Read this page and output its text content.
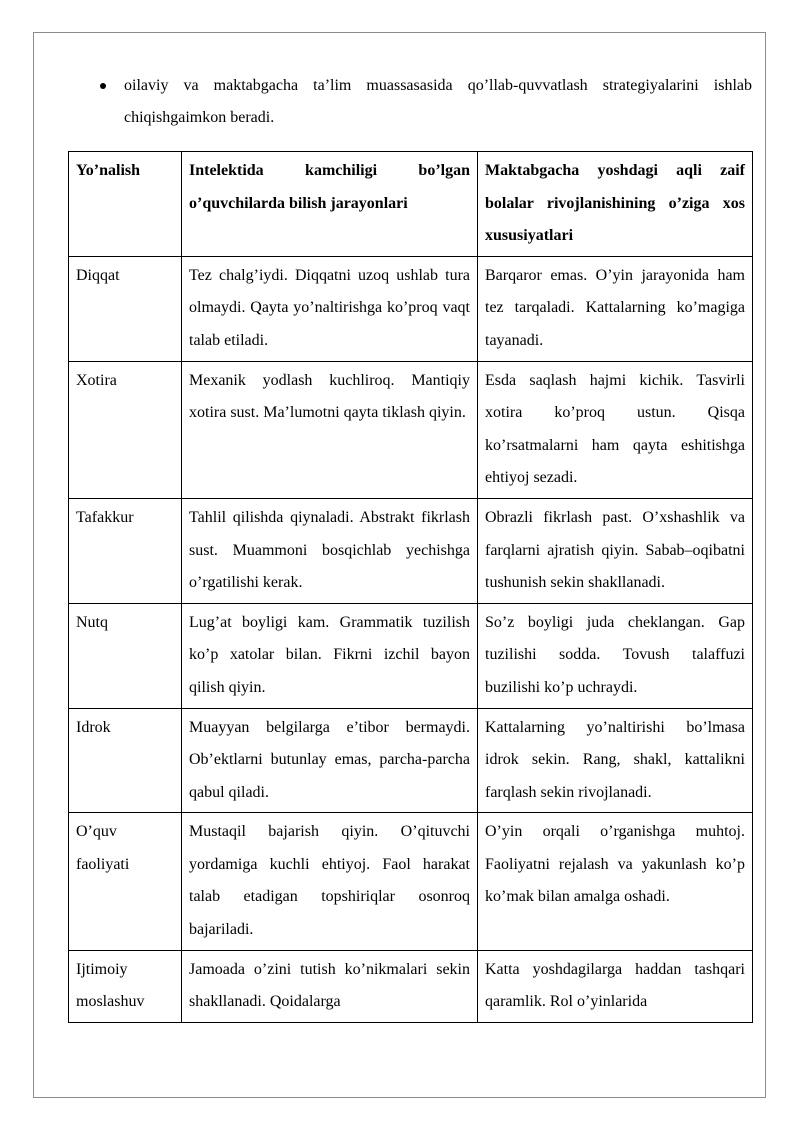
oilaviy va maktabgacha ta’lim muassasasida qo’llab-quvvatlash strategiyalarini ishlab chiqishgaimkon beradi.
Yo’nalish	Intelektida kamchiligi bo’lgan o’quvchilarda bilish jarayonlari	Maktabgacha yoshdagi aqli zaif bolalar rivojlanishining o’ziga xos xususiyatlari
Diqqat	Tez chalg’iydi. Diqqatni uzoq ushlab tura olmaydi. Qayta yo’naltirishga ko’proq vaqt talab etiladi.	Barqaror emas. O’yin jarayonida ham tez tarqaladi. Kattalarning ko’magiga tayanadi.
Xotira	Mexanik yodlash kuchliroq. Mantiqiy xotira sust. Ma’lumotni qayta tiklash qiyin.	Esda saqlash hajmi kichik. Tasvirli xotira ko’proq ustun. Qisqa ko’rsatmalarni ham qayta eshitishga ehtiyoj sezadi.
Tafakkur	Tahlil qilishda qiynaladi. Abstrakt fikrlash sust. Muammoni bosqichlab yechishga o’rgatilishi kerak.	Obrazli fikrlash past. O’xshashlik va farqlarni ajratish qiyin. Sabab–oqibatni tushunish sekin shakllanadi.
Nutq	Lug’at boyligi kam. Grammatik tuzilish ko’p xatolar bilan. Fikrni izchil bayon qilish qiyin.	So’z boyligi juda cheklangan. Gap tuzilishi sodda. Tovush talaffuzi buzilishi ko’p uchraydi.
Idrok	Muayyan belgilarga e’tibor bermaydi. Ob’ektlarni butunlay emas, parcha-parcha qabul qiladi.	Kattalarning yo’naltirishi bo’lmasa idrok sekin. Rang, shakl, kattalikni farqlash sekin rivojlanadi.
O’quv faoliyati	Mustaqil bajarish qiyin. O’qituvchi yordamiga kuchli ehtiyoj. Faol harakat talab etadigan topshiriqlar osonroq bajariladi.	O’yin orqali o’rganishga muhtoj. Faoliyatni rejalash va yakunlash ko’p ko’mak bilan amalga oshadi.
Ijtimoiy moslashuv	Jamoada o’zini tutish ko’nikmalari sekin shakllanadi. Qoidalarga	Katta yoshdagilarga haddan tashqari qaramlik. Rol o’yinlarida
